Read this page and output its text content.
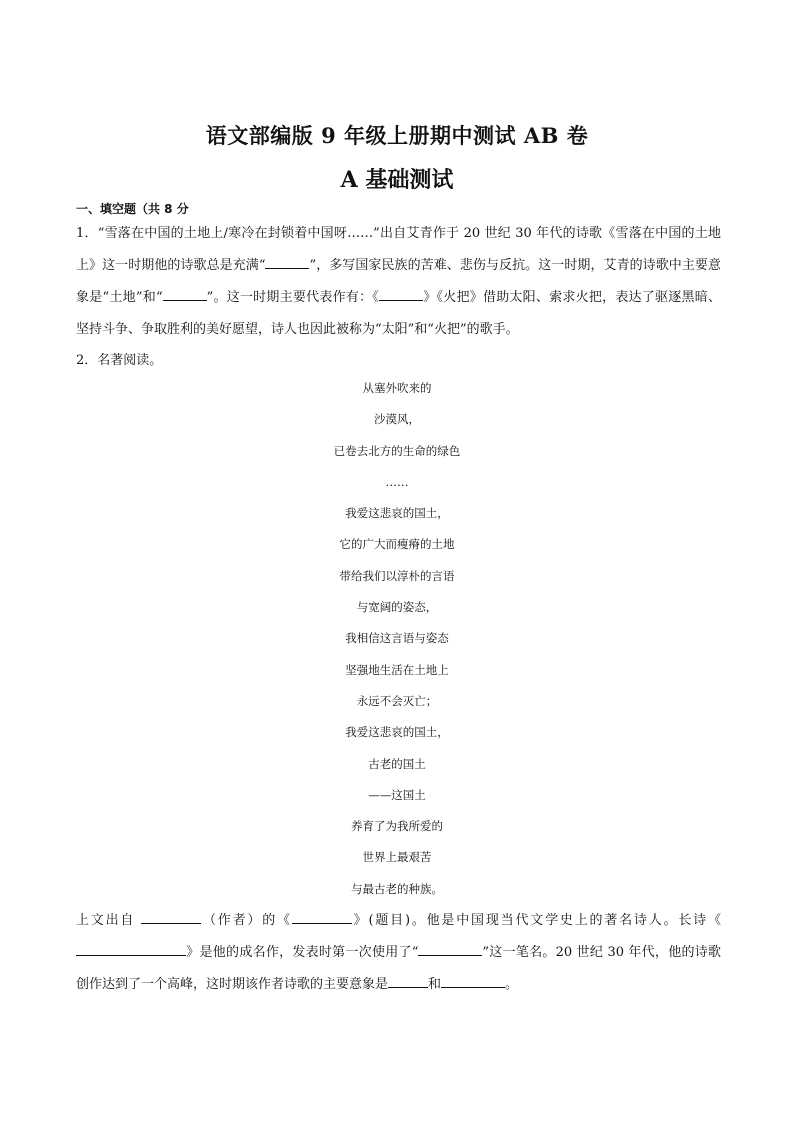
语文部编版 9 年级上册期中测试 AB 卷
A 基础测试

一、填空题（共 8 分

1．“雪落在中国的土地上/寒冷在封锁着中国呀……”出自艾青作于 20 世纪 30 年代的诗歌《雪落在中国的土地上》这一时期他的诗歌总是充满“	”，多写国家民族的苦难、悲伤与反抗。这一时期，艾青的诗歌中主要意象是“土地”和“	”。这一时期主要代表作有：《	》《火把》借助太阳、索求火把，表达了驱逐黑暗、坚持斗争、争取胜利的美好愿望，诗人也因此被称为“太阳”和“火把”的歌手。

2．名著阅读。

从塞外吹来的
沙漠风，
已卷去北方的生命的绿色
……
我爱这悲哀的国土，
它的广大而瘦瘠的土地
带给我们以淳朴的言语
与宽阔的姿态，
我相信这言语与姿态
坚强地生活在土地上
永远不会灭亡；
我爱这悲哀的国土，
古老的国土
——这国土
养育了为我所爱的
世界上最艰苦
与最古老的种族。

上文出自	（作者）的《	》(题目)。他是中国现当代文学史上的著名诗人。长诗《》是他的成名作，发表时第一次使用了“	”这一笔名。20 世纪 30 年代，他的诗歌创作达到了一个高峰，这时期该作者诗歌的主要意象是	和	。
